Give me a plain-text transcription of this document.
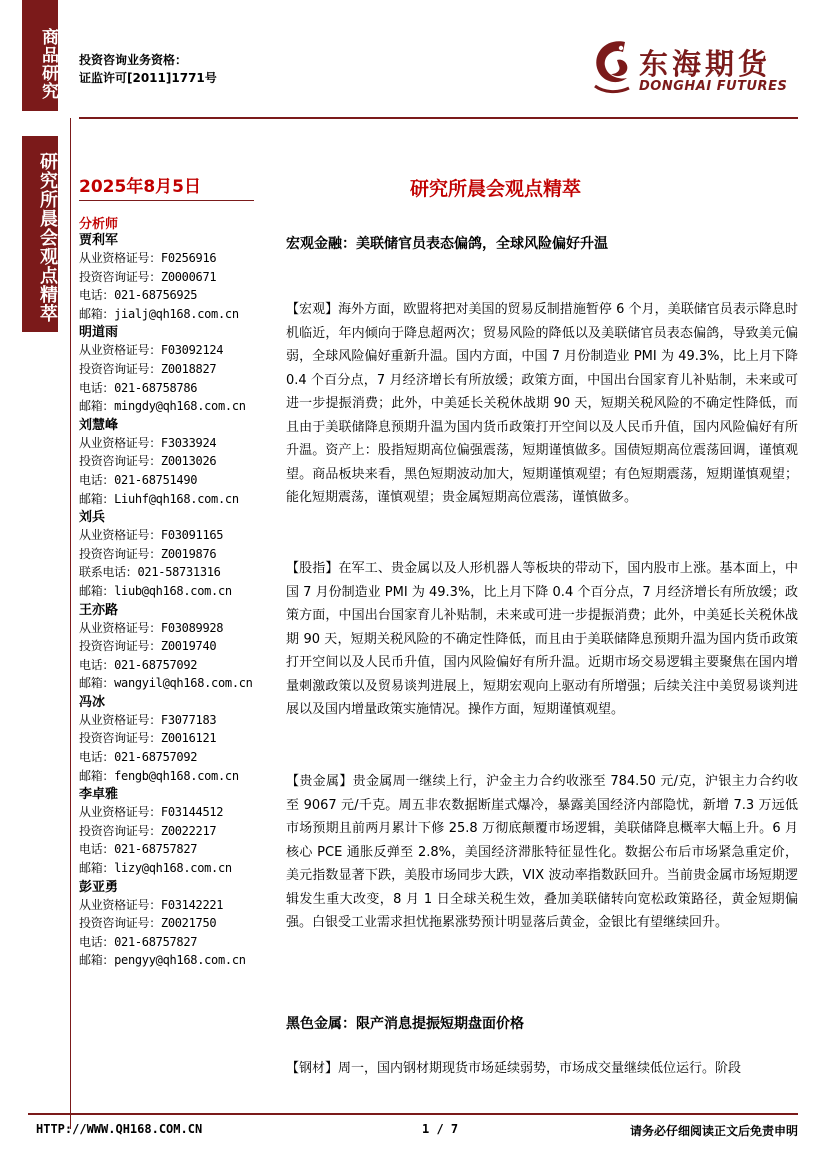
商品研究
研究所晨会观点精萃
投资咨询业务资格：
证监许可[2011]1771号	东海期货
DONGHAI FUTURES
2025年8月5日
分析师
贾利军
从业资格证号：F0256916
投资咨询证号：Z0000671
电话：021-68756925
邮箱：jialj@qh168.com.cn
明道雨
从业资格证号：F03092124
投资咨询证号：Z0018827
电话：021-68758786
邮箱：mingdy@qh168.com.cn
刘慧峰
从业资格证号：F3033924
投资咨询证号：Z0013026
电话：021-68751490
邮箱：Liuhf@qh168.com.cn
刘兵
从业资格证号：F03091165
投资咨询证号：Z0019876
联系电话：021-58731316
邮箱：liub@qh168.com.cn
王亦路
从业资格证号：F03089928
投资咨询证号：Z0019740
电话：021-68757092
邮箱：wangyil@qh168.com.cn
冯冰
从业资格证号：F3077183
投资咨询证号：Z0016121
电话：021-68757092
邮箱：fengb@qh168.com.cn
李卓雅
从业资格证号：F03144512
投资咨询证号：Z0022217
电话：021-68757827
邮箱：lizy@qh168.com.cn
彭亚勇
从业资格证号：F03142221
投资咨询证号：Z0021750
电话：021-68757827
邮箱：pengyy@qh168.com.cn
研究所晨会观点精萃
宏观金融：美联储官员表态偏鸽，全球风险偏好升温
【宏观】海外方面，欧盟将把对美国的贸易反制措施暂停 6 个月，美联储官员表示降息时机临近，年内倾向于降息超两次；贸易风险的降低以及美联储官员表态偏鸽，导致美元偏弱，全球风险偏好重新升温。国内方面，中国 7 月份制造业 PMI 为 49.3%，比上月下降 0.4 个百分点，7 月经济增长有所放缓；政策方面，中国出台国家育儿补贴制，未来或可进一步提振消费；此外，中美延长关税休战期 90 天，短期关税风险的不确定性降低，而且由于美联储降息预期升温为国内货币政策打开空间以及人民币升值，国内风险偏好有所升温。资产上：股指短期高位偏强震荡，短期谨慎做多。国债短期高位震荡回调，谨慎观望。商品板块来看，黑色短期波动加大，短期谨慎观望；有色短期震荡，短期谨慎观望；能化短期震荡，谨慎观望；贵金属短期高位震荡，谨慎做多。
【股指】在军工、贵金属以及人形机器人等板块的带动下，国内股市上涨。基本面上，中国 7 月份制造业 PMI 为 49.3%，比上月下降 0.4 个百分点，7 月经济增长有所放缓；政策方面，中国出台国家育儿补贴制，未来或可进一步提振消费；此外，中美延长关税休战期 90 天，短期关税风险的不确定性降低，而且由于美联储降息预期升温为国内货币政策打开空间以及人民币升值，国内风险偏好有所升温。近期市场交易逻辑主要聚焦在国内增量刺激政策以及贸易谈判进展上，短期宏观向上驱动有所增强；后续关注中美贸易谈判进展以及国内增量政策实施情况。操作方面，短期谨慎观望。
【贵金属】贵金属周一继续上行，沪金主力合约收涨至 784.50 元/克，沪银主力合约收至 9067 元/千克。周五非农数据断崖式爆冷，暴露美国经济内部隐忧，新增 7.3 万远低市场预期且前两月累计下修 25.8 万彻底颠覆市场逻辑，美联储降息概率大幅上升。6 月核心 PCE 通胀反弹至 2.8%，美国经济滞胀特征显性化。数据公布后市场紧急重定价，美元指数显著下跌，美股市场同步大跌，VIX 波动率指数跃回升。当前贵金属市场短期逻辑发生重大改变，8 月 1 日全球关税生效，叠加美联储转向宽松政策路径，黄金短期偏强。白银受工业需求担忧拖累涨势预计明显落后黄金，金银比有望继续回升。
黑色金属：限产消息提振短期盘面价格
【钢材】周一，国内钢材期现货市场延续弱势，市场成交量继续低位运行。阶段
HTTP://WWW.QH168.COM.CN	1 / 7	请务必仔细阅读正文后免责申明
